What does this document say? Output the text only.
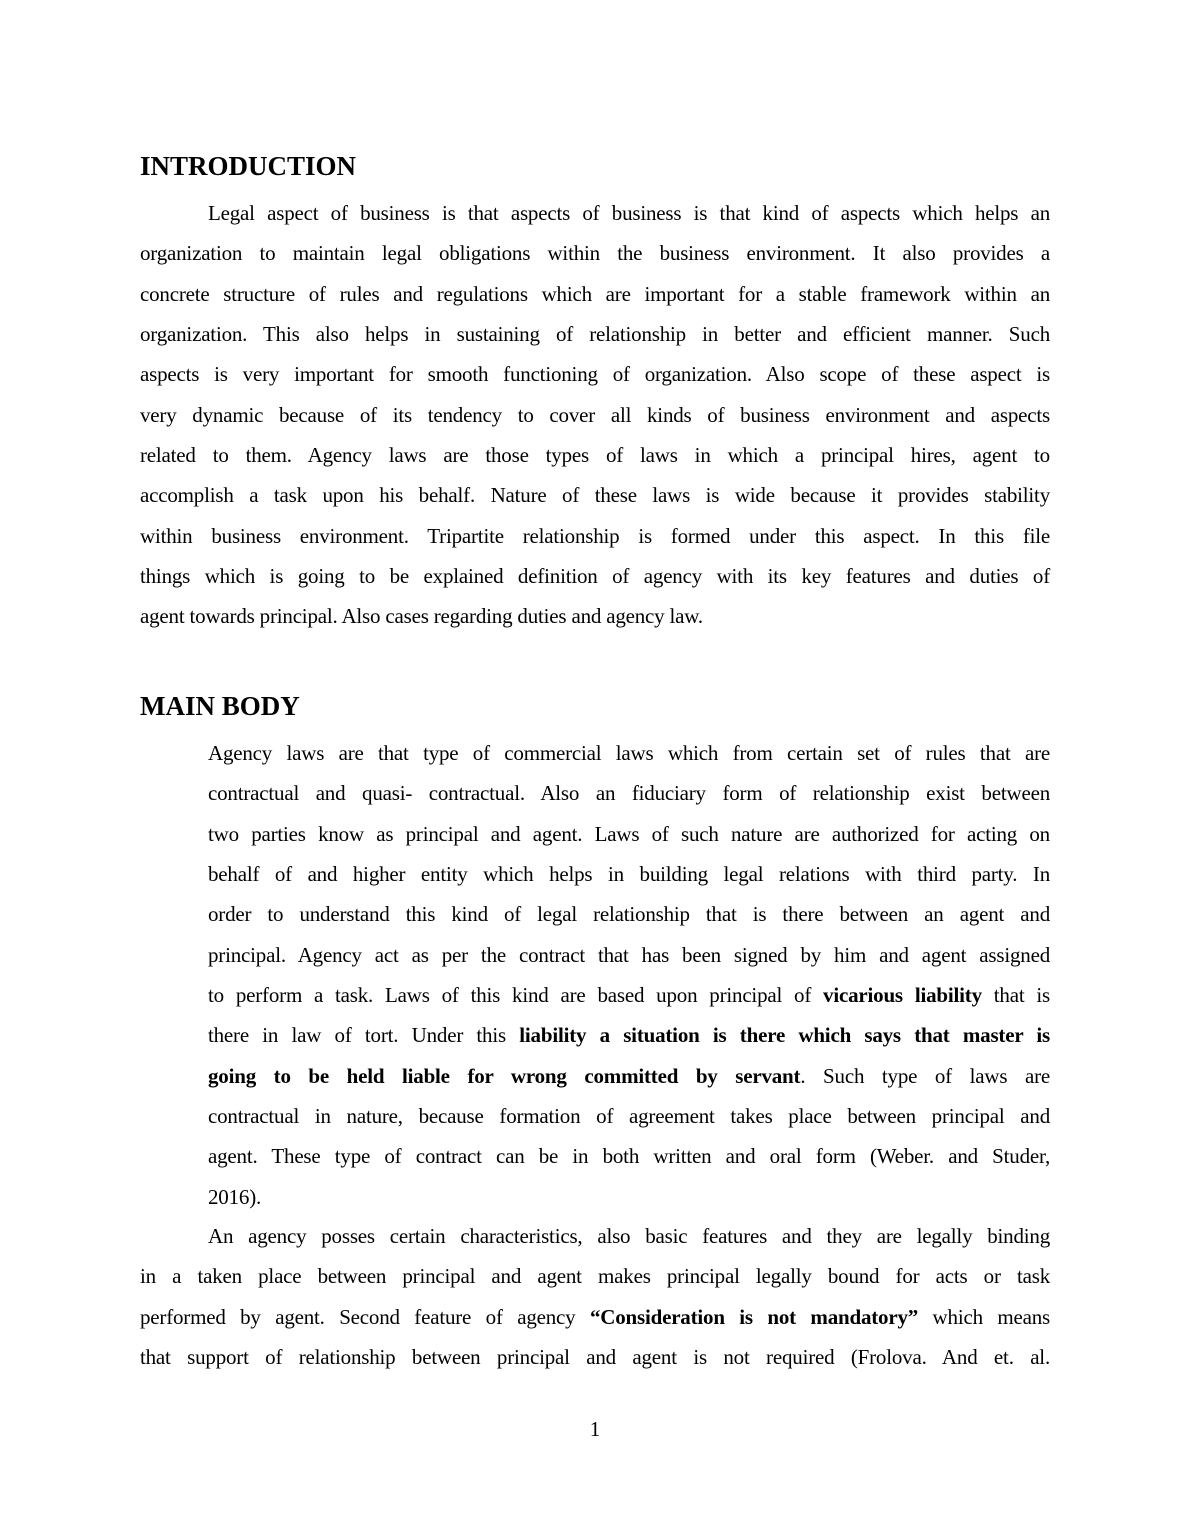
INTRODUCTION
Legal aspect of business is that aspects of business is that kind of aspects which helps an
organization to maintain legal obligations within the business environment. It also provides a
concrete structure of rules and regulations which are important for a stable framework within an
organization. This also helps in sustaining of relationship in better and efficient manner. Such
aspects is very important for smooth functioning of organization. Also scope of these aspect is
very dynamic because of its tendency to cover all kinds of business environment and aspects
related to them. Agency laws are those types of laws in which a principal hires, agent to
accomplish a task upon his behalf. Nature of these laws is wide because it provides stability
within business environment. Tripartite relationship is formed under this aspect. In this file
things which is going to be explained definition of agency with its key features and duties of
agent towards principal. Also cases regarding duties and agency law.
MAIN BODY
Agency laws are that type of commercial laws which from certain set of rules that are
contractual and quasi- contractual. Also an fiduciary form of relationship exist between
two parties know as principal and agent. Laws of such nature are authorized for acting on
behalf of and higher entity which helps in building legal relations with third party. In
order to understand this kind of legal relationship that is there between an agent and
principal. Agency act as per the contract that has been signed by him and agent assigned
to perform a task. Laws of this kind are based upon principal of vicarious liability that is
there in law of tort. Under this liability a situation is there which says that master is
going to be held liable for wrong committed by servant. Such type of laws are
contractual in nature, because formation of agreement takes place between principal and
agent. These type of contract can be in both written and oral form (Weber. and Studer,
2016).
An agency posses certain characteristics, also basic features and they are legally binding
in a taken place between principal and agent makes principal legally bound for acts or task
performed by agent. Second feature of agency “Consideration is not mandatory” which means
that support of relationship between principal and agent is not required (Frolova. And et. al.
1
